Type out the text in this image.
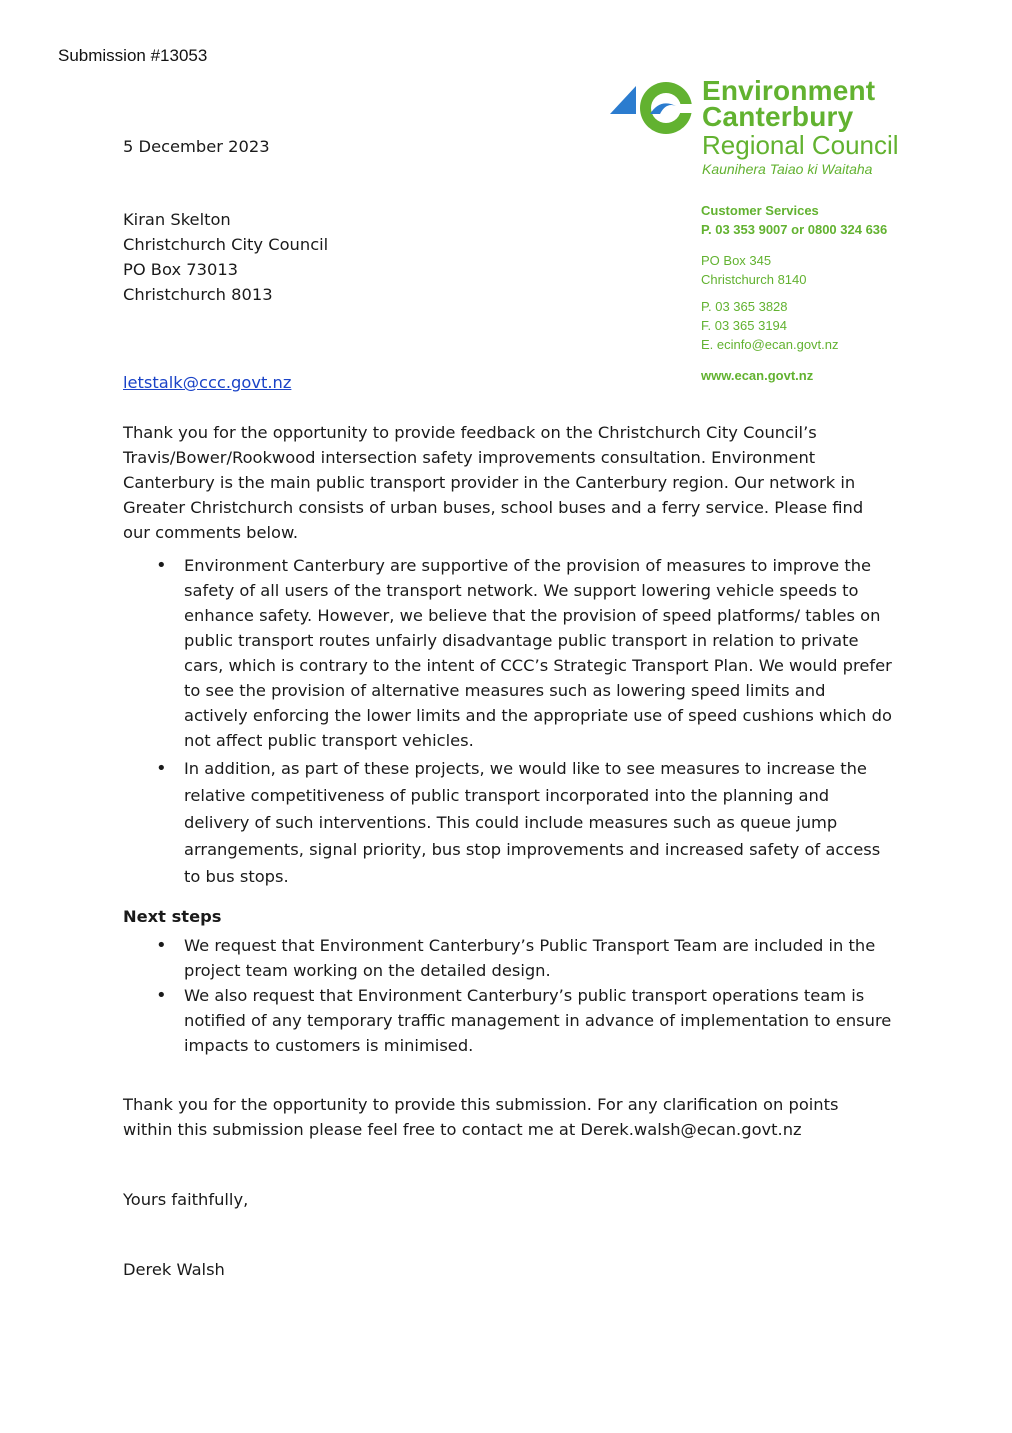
Submission #13053
Environment
Canterbury
Regional Council
Kaunihera Taiao ki Waitaha
Customer Services
P. 03 353 9007 or 0800 324 636
PO Box 345
Christchurch 8140
P. 03 365 3828
F. 03 365 3194
E. ecinfo@ecan.govt.nz
www.ecan.govt.nz

5 December 2023

Kiran Skelton
Christchurch City Council
PO Box 73013
Christchurch 8013
letstalk@ccc.govt.nz

Thank you for the opportunity to provide feedback on the Christchurch City Council’s Travis/Bower/Rookwood intersection safety improvements consultation. Environment Canterbury is the main public transport provider in the Canterbury region. Our network in Greater Christchurch consists of urban buses, school buses and a ferry service. Please find our comments below.

• Environment Canterbury are supportive of the provision of measures to improve the safety of all users of the transport network. We support lowering vehicle speeds to enhance safety. However, we believe that the provision of speed platforms/ tables on public transport routes unfairly disadvantage public transport in relation to private cars, which is contrary to the intent of CCC’s Strategic Transport Plan. We would prefer to see the provision of alternative measures such as lowering speed limits and actively enforcing the lower limits and the appropriate use of speed cushions which do not affect public transport vehicles.
• In addition, as part of these projects, we would like to see measures to increase the relative competitiveness of public transport incorporated into the planning and delivery of such interventions. This could include measures such as queue jump arrangements, signal priority, bus stop improvements and increased safety of access to bus stops.
Next steps
• We request that Environment Canterbury’s Public Transport Team are included in the project team working on the detailed design.
• We also request that Environment Canterbury’s public transport operations team is notified of any temporary traffic management in advance of implementation to ensure impacts to customers is minimised.

Thank you for the opportunity to provide this submission. For any clarification on points within this submission please feel free to contact me at Derek.walsh@ecan.govt.nz

Yours faithfully,

Derek Walsh
